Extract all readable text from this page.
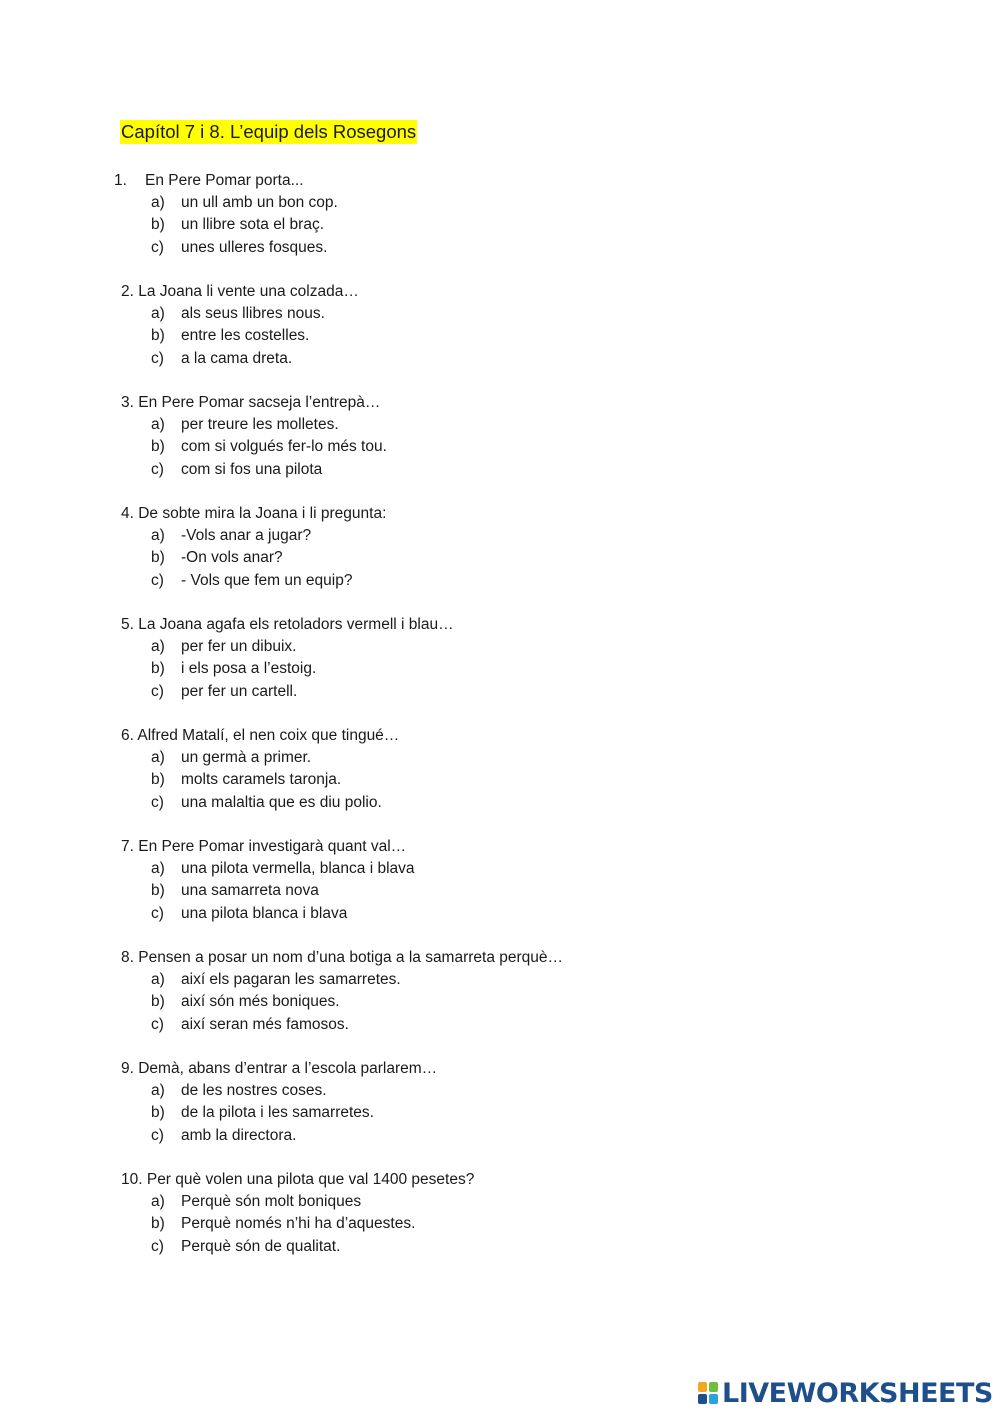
Capítol 7 i 8. L’equip dels Rosegons
1. En Pere Pomar porta...
a) un ull amb un bon cop.
b) un llibre sota el braç.
c) unes ulleres fosques.
2. La Joana li vente una colzada…
a) als seus llibres nous.
b) entre les costelles.
c) a la cama dreta.
3. En Pere Pomar sacseja l’entrepà…
a) per treure les molletes.
b) com si volgués fer-lo més tou.
c) com si fos una pilota
4. De sobte mira la Joana i li pregunta:
a) -Vols anar a jugar?
b) -On vols anar?
c) - Vols que fem un equip?
5. La Joana agafa els retoladors vermell i blau…
a) per fer un dibuix.
b) i els posa a l’estoig.
c) per fer un cartell.
6. Alfred Matalí, el nen coix que tingué…
a) un germà a primer.
b) molts caramels taronja.
c) una malaltia que es diu polio.
7. En Pere Pomar investigarà quant val…
a) una pilota vermella, blanca i blava
b) una samarreta nova
c) una pilota blanca i blava
8. Pensen a posar un nom d’una botiga a la samarreta perquè…
a) així els pagaran les samarretes.
b) així són més boniques.
c) així seran més famosos.
9. Demà, abans d’entrar a l’escola parlarem…
a) de les nostres coses.
b) de la pilota i les samarretes.
c) amb la directora.
10. Per què volen una pilota que val 1400 pesetes?
a) Perquè són molt boniques
b) Perquè només n’hi ha d’aquestes.
c) Perquè són de qualitat.
LIVEWORKSHEETS
